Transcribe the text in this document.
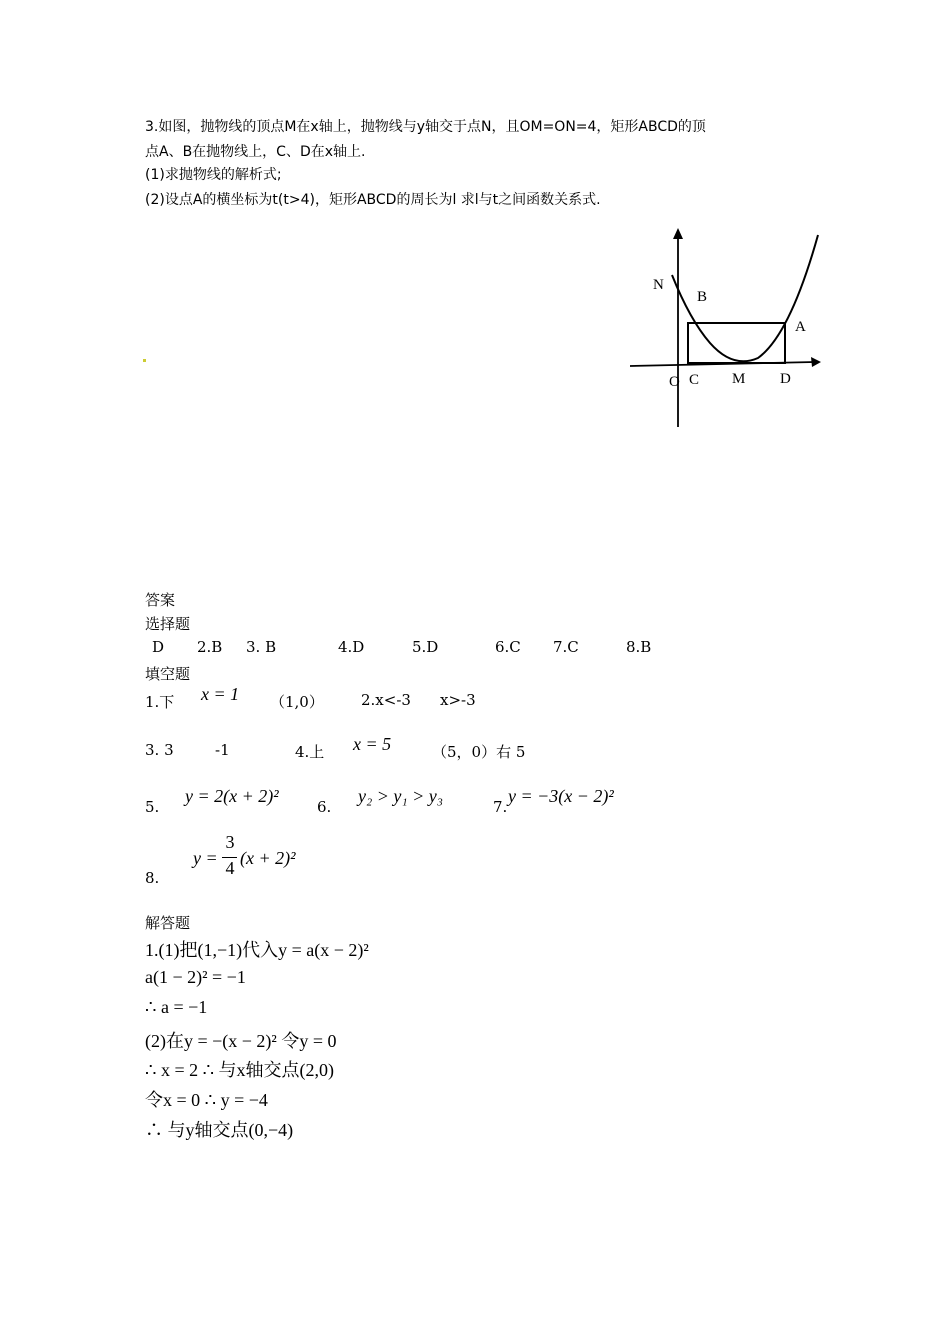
3.如图，抛物线的顶点M在x轴上，抛物线与y轴交于点N，且OM=ON=4，矩形ABCD的顶
点A、B在抛物线上，C、D在x轴上.
(1)求抛物线的解析式;
(2)设点A的横坐标为t(t>4)，矩形ABCD的周长为l 求l与t之间函数关系式.
N
B
A
O C M D
答案
选择题
D 2.B 3. B	4.D	5.D	6.C 7.C	8.B
填空题
1.下 x = 1 （1,0） 2.x<-3 x>-3
3. 3	-1	4.上 x = 5	（5，0）右 5
5.
y = 2(x + 2)²
6.
y₂ > y₁ > y₃
7.
y = −3(x − 2)²
8.
y =
3
4 (x + 2)²
解答题
1.(1)把(1,−1)代入y = a(x − 2)²
a(1 − 2)² = −1
∴ a = −1
(2)在y = −(x − 2)² 令y = 0
∴ x = 2 ∴ 与x轴交点(2,0)
令x = 0 ∴ y = −4
∴ 与y轴交点(0,−4)
